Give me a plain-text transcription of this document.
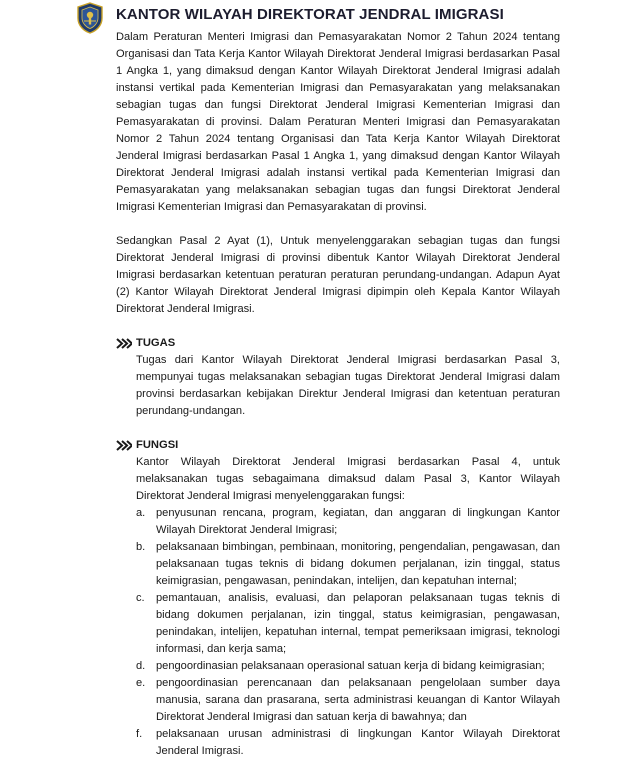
KANTOR WILAYAH DIREKTORAT JENDRAL IMIGRASI

Dalam Peraturan Menteri Imigrasi dan Pemasyarakatan Nomor 2 Tahun 2024 tentang Organisasi dan Tata Kerja Kantor Wilayah Direktorat Jenderal Imigrasi berdasarkan Pasal 1 Angka 1, yang dimaksud dengan Kantor Wilayah Direktorat Jenderal Imigrasi adalah instansi vertikal pada Kementerian Imigrasi dan Pemasyarakatan yang melaksanakan sebagian tugas dan fungsi Direktorat Jenderal Imigrasi Kementerian Imigrasi dan Pemasyarakatan di provinsi. Dalam Peraturan Menteri Imigrasi dan Pemasyarakatan Nomor 2 Tahun 2024 tentang Organisasi dan Tata Kerja Kantor Wilayah Direktorat Jenderal Imigrasi berdasarkan Pasal 1 Angka 1, yang dimaksud dengan Kantor Wilayah Direktorat Jenderal Imigrasi adalah instansi vertikal pada Kementerian Imigrasi dan Pemasyarakatan yang melaksanakan sebagian tugas dan fungsi Direktorat Jenderal Imigrasi Kementerian Imigrasi dan Pemasyarakatan di provinsi.

Sedangkan Pasal 2 Ayat (1), Untuk menyelenggarakan sebagian tugas dan fungsi Direktorat Jenderal Imigrasi di provinsi dibentuk Kantor Wilayah Direktorat Jenderal Imigrasi berdasarkan ketentuan peraturan peraturan perundang-undangan. Adapun Ayat (2) Kantor Wilayah Direktorat Jenderal Imigrasi dipimpin oleh Kepala Kantor Wilayah Direktorat Jenderal Imigrasi.

TUGAS

Tugas dari Kantor Wilayah Direktorat Jenderal Imigrasi berdasarkan Pasal 3, mempunyai tugas melaksanakan sebagian tugas Direktorat Jenderal Imigrasi dalam provinsi berdasarkan kebijakan Direktur Jenderal Imigrasi dan ketentuan peraturan perundang-undangan.

FUNGSI

Kantor Wilayah Direktorat Jenderal Imigrasi berdasarkan Pasal 4, untuk melaksanakan tugas sebagaimana dimaksud dalam Pasal 3, Kantor Wilayah Direktorat Jenderal Imigrasi menyelenggarakan fungsi:

a. penyusunan rencana, program, kegiatan, dan anggaran di lingkungan Kantor Wilayah Direktorat Jenderal Imigrasi;
b. pelaksanaan bimbingan, pembinaan, monitoring, pengendalian, pengawasan, dan pelaksanaan tugas teknis di bidang dokumen perjalanan, izin tinggal, status keimigrasian, pengawasan, penindakan, intelijen, dan kepatuhan internal;
c. pemantauan, analisis, evaluasi, dan pelaporan pelaksanaan tugas teknis di bidang dokumen perjalanan, izin tinggal, status keimigrasian, pengawasan, penindakan, intelijen, kepatuhan internal, tempat pemeriksaan imigrasi, teknologi informasi, dan kerja sama;
d. pengoordinasian pelaksanaan operasional satuan kerja di bidang keimigrasian;
e. pengoordinasian perencanaan dan pelaksanaan pengelolaan sumber daya manusia, sarana dan prasarana, serta administrasi keuangan di Kantor Wilayah Direktorat Jenderal Imigrasi dan satuan kerja di bawahnya; dan
f. pelaksanaan urusan administrasi di lingkungan Kantor Wilayah Direktorat Jenderal Imigrasi.
